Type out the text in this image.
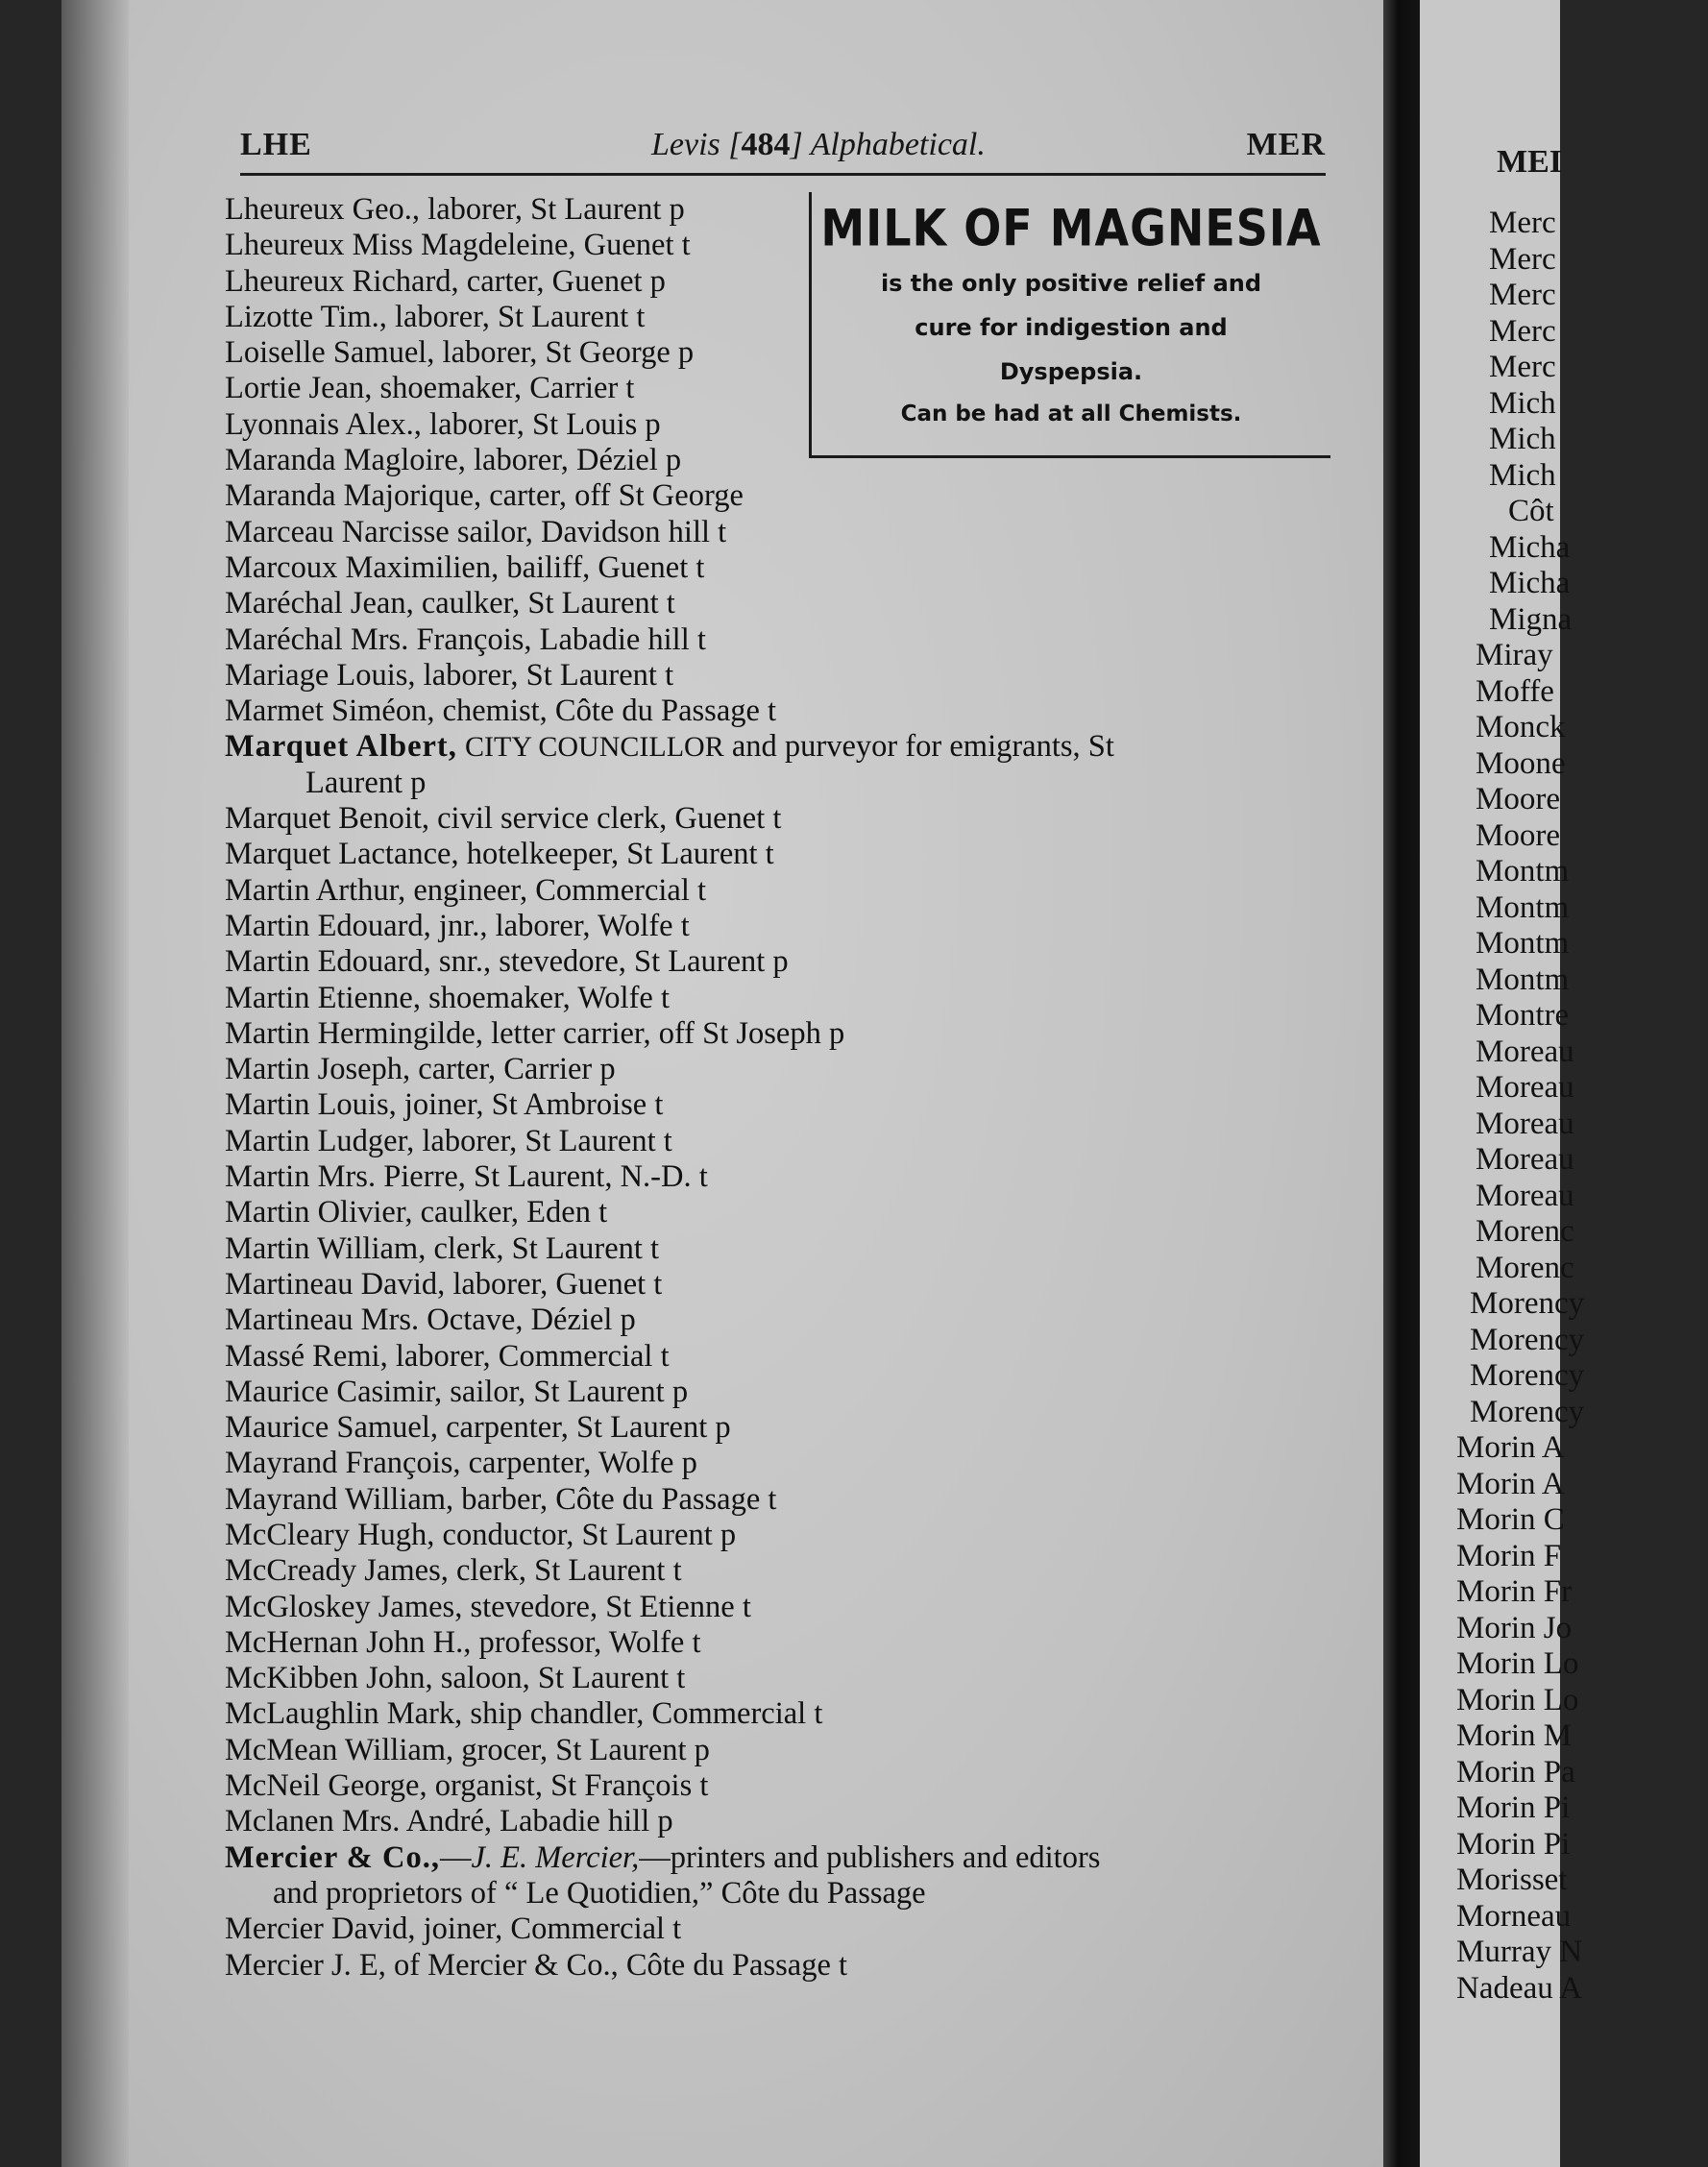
LHE	Levis [484] Alphabetical.	MER
MILK OF MAGNESIA
is the only positive relief and
cure for indigestion and
Dyspepsia.
Can be had at all Chemists.
Lheureux Geo., laborer, St Laurent p
Lheureux Miss Magdeleine, Guenet t
Lheureux Richard, carter, Guenet p
Lizotte Tim., laborer, St Laurent t
Loiselle Samuel, laborer, St George p
Lortie Jean, shoemaker, Carrier t
Lyonnais Alex., laborer, St Louis p
Maranda Magloire, laborer, Déziel p
Maranda Majorique, carter, off St George
Marceau Narcisse sailor, Davidson hill t
Marcoux Maximilien, bailiff, Guenet t
Maréchal Jean, caulker, St Laurent t
Maréchal Mrs. François, Labadie hill t
Mariage Louis, laborer, St Laurent t
Marmet Siméon, chemist, Côte du Passage t
Marquet Albert, CITY COUNCILLOR and purveyor for emigrants, St
Laurent p
Marquet Benoit, civil service clerk, Guenet t
Marquet Lactance, hotelkeeper, St Laurent t
Martin Arthur, engineer, Commercial t
Martin Edouard, jnr., laborer, Wolfe t
Martin Edouard, snr., stevedore, St Laurent p
Martin Etienne, shoemaker, Wolfe t
Martin Hermingilde, letter carrier, off St Joseph p
Martin Joseph, carter, Carrier p
Martin Louis, joiner, St Ambroise t
Martin Ludger, laborer, St Laurent t
Martin Mrs. Pierre, St Laurent, N.-D. t
Martin Olivier, caulker, Eden t
Martin William, clerk, St Laurent t
Martineau David, laborer, Guenet t
Martineau Mrs. Octave, Déziel p
Massé Remi, laborer, Commercial t
Maurice Casimir, sailor, St Laurent p
Maurice Samuel, carpenter, St Laurent p
Mayrand François, carpenter, Wolfe p
Mayrand William, barber, Côte du Passage t
McCleary Hugh, conductor, St Laurent p
McCready James, clerk, St Laurent t
McGloskey James, stevedore, St Etienne t
McHernan John H., professor, Wolfe t
McKibben John, saloon, St Laurent t
McLaughlin Mark, ship chandler, Commercial t
McMean William, grocer, St Laurent p
McNeil George, organist, St François t
Mclanen Mrs. André, Labadie hill p
Mercier & Co.,—J. E. Mercier,—printers and publishers and editors
and proprietors of “ Le Quotidien,” Côte du Passage
Mercier David, joiner, Commercial t
Mercier J. E, of Mercier & Co., Côte du Passage t
MEI
Merc
Merc
Merc
Merc
Merc
Mich
Mich
Mich
Côt
Micha
Micha
Migna
Miray
Moffe
Monck
Moone
Moore
Moore
Montm
Montm
Montm
Montm
Montre
Moreau
Moreau
Moreau
Moreau
Moreau
Morenc
Morenc
Morency
Morency
Morency
Morency
Morin A
Morin A
Morin C
Morin F
Morin Fr
Morin Jo
Morin Lo
Morin Lo
Morin M
Morin Pa
Morin Pi
Morin Pi
Morisset
Morneau
Murray N
Nadeau A
